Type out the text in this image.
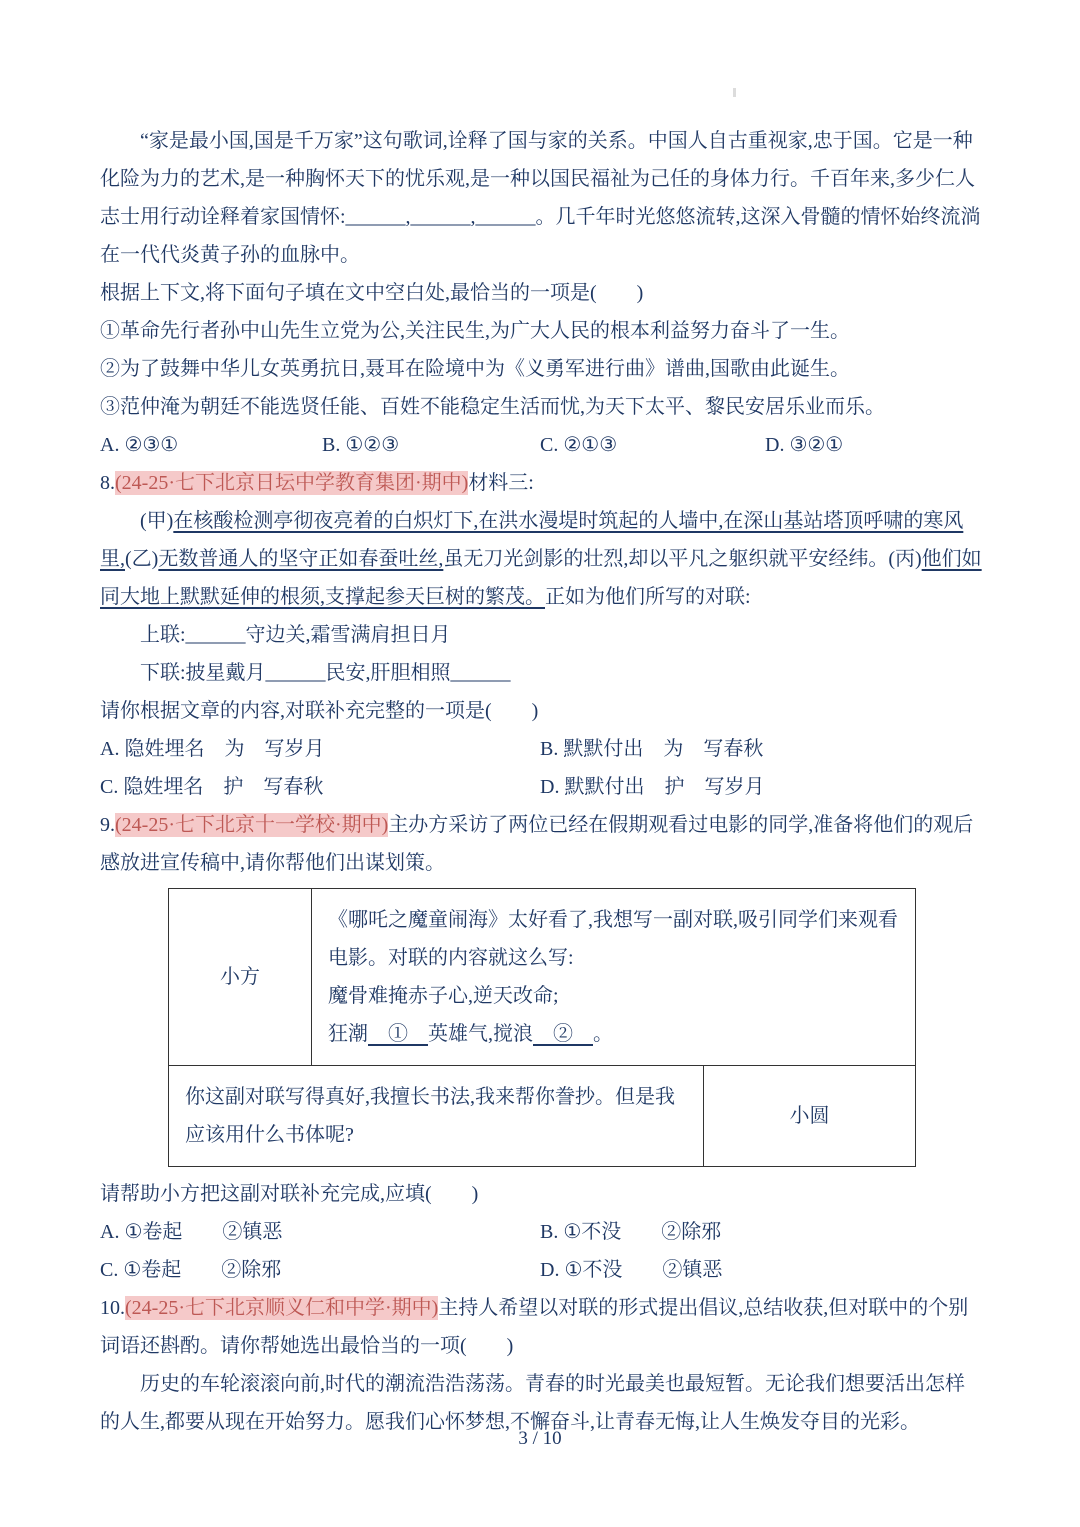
“家是最小国,国是千万家”这句歌词,诠释了国与家的关系。中国人自古重视家,忠于国。它是一种化险为力的艺术,是一种胸怀天下的忧乐观,是一种以国民福祉为己任的身体力行。千百年来,多少仁人志士用行动诠释着家国情怀:______,______,______。几千年时光悠悠流转,这深入骨髓的情怀始终流淌在一代代炎黄子孙的血脉中。

根据上下文,将下面句子填在文中空白处,最恰当的一项是(　　)

①革命先行者孙中山先生立党为公,关注民生,为广大人民的根本利益努力奋斗了一生。

②为了鼓舞中华儿女英勇抗日,聂耳在险境中为《义勇军进行曲》谱曲,国歌由此诞生。

③范仲淹为朝廷不能选贤任能、百姓不能稳定生活而忧,为天下太平、黎民安居乐业而乐。

A. ②③①	B. ①②③	C. ②①③	D. ③②①

8.(24-25·七下北京日坛中学教育集团·期中)材料三:

(甲)在核酸检测亭彻夜亮着的白炽灯下,在洪水漫堤时筑起的人墙中,在深山基站塔顶呼啸的寒风里,(乙)无数普通人的坚守正如春蚕吐丝,虽无刀光剑影的壮烈,却以平凡之躯织就平安经纬。(丙)他们如同大地上默默延伸的根须,支撑起参天巨树的繁茂。正如为他们所写的对联:

上联:______守边关,霜雪满肩担日月

下联:披星戴月______民安,肝胆相照______

请你根据文章的内容,对联补充完整的一项是(　　)

A. 隐姓埋名　为　写岁月	B. 默默付出　为　写春秋
C. 隐姓埋名　护　写春秋	D. 默默付出　护　写岁月

9.(24-25·七下北京十一学校·期中)主办方采访了两位已经在假期观看过电影的同学,准备将他们的观后感放进宣传稿中,请你帮他们出谋划策。

小方

《哪吒之魔童闹海》太好看了,我想写一副对联,吸引同学们来观看电影。对联的内容就这么写:

魔骨难掩赤子心,逆天改命;

狂潮　①　英雄气,搅浪　②　。

你这副对联写得真好,我擅长书法,我来帮你誊抄。但是我应该用什么书体呢?
小圆

请帮助小方把这副对联补充完成,应填(　　)

A. ①卷起　　②镇恶	B. ①不没　　②除邪
C. ①卷起　　②除邪	D. ①不没　　②镇恶

10.(24-25·七下北京顺义仁和中学·期中)主持人希望以对联的形式提出倡议,总结收获,但对联中的个别词语还斟酌。请你帮她选出最恰当的一项(　　)

历史的车轮滚滚向前,时代的潮流浩浩荡荡。青春的时光最美也最短暂。无论我们想要活出怎样的人生,都要从现在开始努力。愿我们心怀梦想,不懈奋斗,让青春无悔,让人生焕发夺目的光彩。

3 / 10
